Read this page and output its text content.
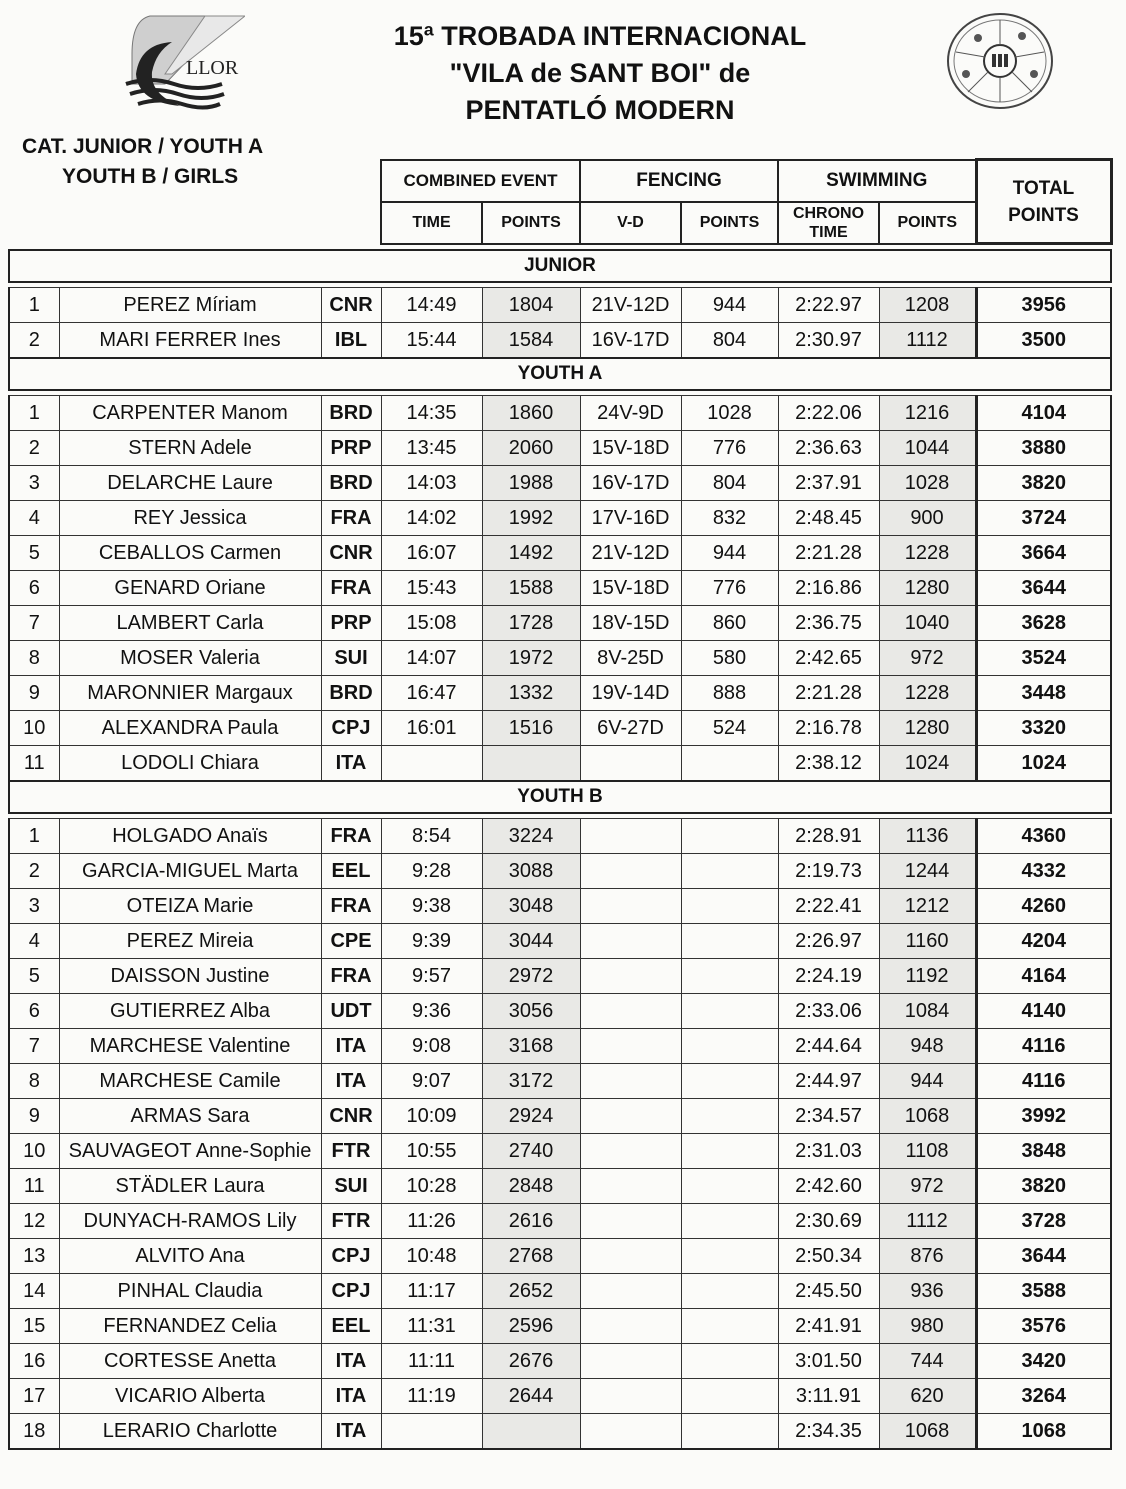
LLOR
15ª TROBADA INTERNACIONAL
"VILA de SANT BOI" de
PENTATLÓ MODERN
CAT. JUNIOR / YOUTH A
YOUTH B / GIRLS
			COMBINED EVENT		FENCING		SWIMMING		TOTAL POINTS
			TIME	POINTS	V-D	POINTS	CHRONO TIME	POINTS	

JUNIOR									

1	PEREZ Míriam	CNR	14:49	1804	21V-12D	944	2:22.97	1208	3956
2	MARI FERRER Ines	IBL	15:44	1584	16V-17D	804	2:30.97	1112	3500
YOUTH A									

1	CARPENTER Manom	BRD	14:35	1860	24V-9D	1028	2:22.06	1216	4104
2	STERN Adele	PRP	13:45	2060	15V-18D	776	2:36.63	1044	3880
3	DELARCHE Laure	BRD	14:03	1988	16V-17D	804	2:37.91	1028	3820
4	REY Jessica	FRA	14:02	1992	17V-16D	832	2:48.45	900	3724
5	CEBALLOS Carmen	CNR	16:07	1492	21V-12D	944	2:21.28	1228	3664
6	GENARD Oriane	FRA	15:43	1588	15V-18D	776	2:16.86	1280	3644
7	LAMBERT Carla	PRP	15:08	1728	18V-15D	860	2:36.75	1040	3628
8	MOSER Valeria	SUI	14:07	1972	8V-25D	580	2:42.65	972	3524
9	MARONNIER Margaux	BRD	16:47	1332	19V-14D	888	2:21.28	1228	3448
10	ALEXANDRA Paula	CPJ	16:01	1516	6V-27D	524	2:16.78	1280	3320
11	LODOLI Chiara	ITA					2:38.12	1024	1024
YOUTH B									

1	HOLGADO Anaïs	FRA	8:54	3224			2:28.91	1136	4360
2	GARCIA-MIGUEL Marta	EEL	9:28	3088			2:19.73	1244	4332
3	OTEIZA Marie	FRA	9:38	3048			2:22.41	1212	4260
4	PEREZ Mireia	CPE	9:39	3044			2:26.97	1160	4204
5	DAISSON Justine	FRA	9:57	2972			2:24.19	1192	4164
6	GUTIERREZ Alba	UDT	9:36	3056			2:33.06	1084	4140
7	MARCHESE Valentine	ITA	9:08	3168			2:44.64	948	4116
8	MARCHESE Camile	ITA	9:07	3172			2:44.97	944	4116
9	ARMAS Sara	CNR	10:09	2924			2:34.57	1068	3992
10	SAUVAGEOT Anne-Sophie	FTR	10:55	2740			2:31.03	1108	3848
11	STÄDLER Laura	SUI	10:28	2848			2:42.60	972	3820
12	DUNYACH-RAMOS Lily	FTR	11:26	2616			2:30.69	1112	3728
13	ALVITO Ana	CPJ	10:48	2768			2:50.34	876	3644
14	PINHAL Claudia	CPJ	11:17	2652			2:45.50	936	3588
15	FERNANDEZ Celia	EEL	11:31	2596			2:41.91	980	3576
16	CORTESSE Anetta	ITA	11:11	2676			3:01.50	744	3420
17	VICARIO Alberta	ITA	11:19	2644			3:11.91	620	3264
18	LERARIO Charlotte	ITA					2:34.35	1068	1068
